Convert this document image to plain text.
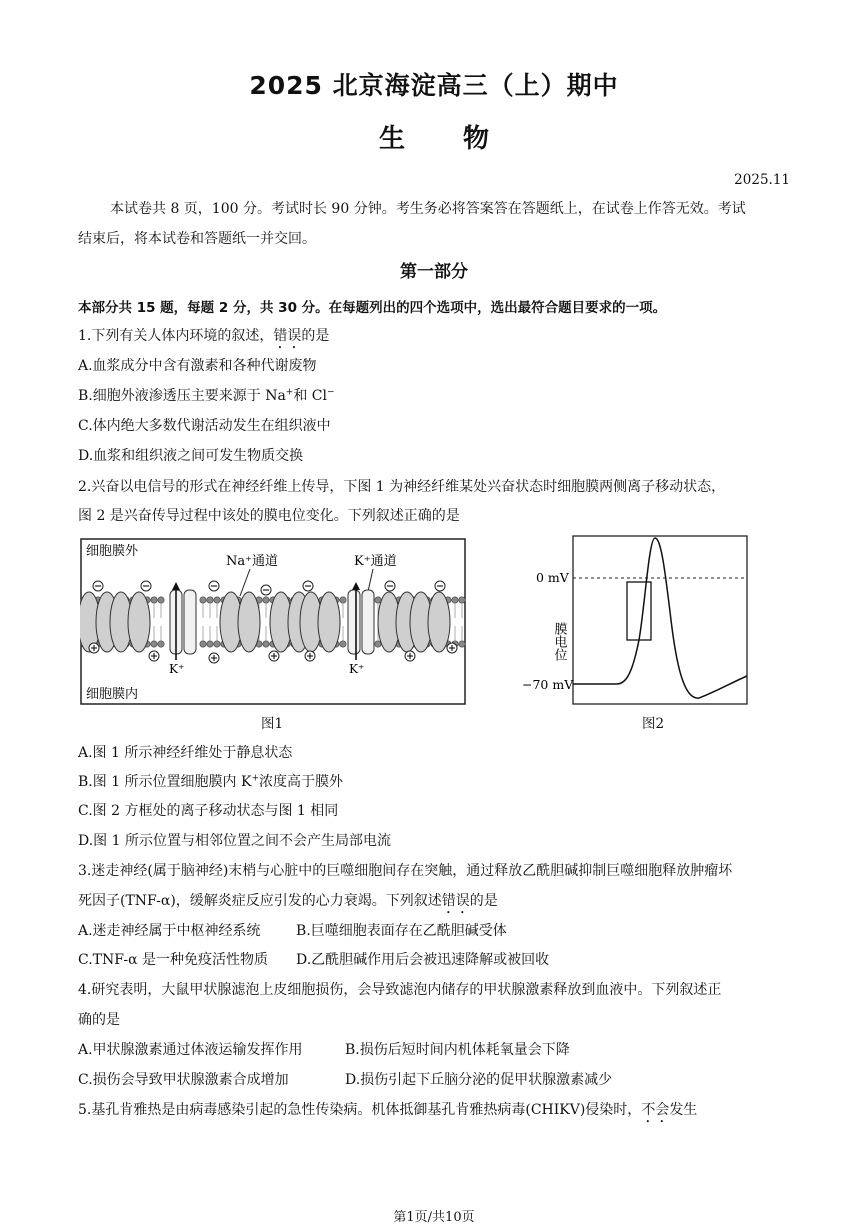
2025 北京海淀高三（上）期中
生物
2025.11
本试卷共 8 页，100 分。考试时长 90 分钟。考生务必将答案答在答题纸上，在试卷上作答无效。考试
结束后，将本试卷和答题纸一并交回。
第一部分
本部分共 15 题，每题 2 分，共 30 分。在每题列出的四个选项中，选出最符合题目要求的一项。
1.下列有关人体内环境的叙述，错误的是
A.血浆成分中含有激素和各种代谢废物
B.细胞外液渗透压主要来源于 Na+和 Cl−
C.体内绝大多数代谢活动发生在组织液中
D.血浆和组织液之间可发生物质交换
2.兴奋以电信号的形式在神经纤维上传导，下图 1 为神经纤维某处兴奋状态时细胞膜两侧离子移动状态，
图 2 是兴奋传导过程中该处的膜电位变化。下列叙述正确的是
细胞膜外
细胞膜内
Na⁺通道	K⁺通道
K⁺	K⁺
图1
0 mV
−70 mV
膜电位
图2
A.图 1 所示神经纤维处于静息状态
B.图 1 所示位置细胞膜内 K+浓度高于膜外
C.图 2 方框处的离子移动状态与图 1 相同
D.图 1 所示位置与相邻位置之间不会产生局部电流
3.迷走神经(属于脑神经)末梢与心脏中的巨噬细胞间存在突触，通过释放乙酰胆碱抑制巨噬细胞释放肿瘤坏
死因子(TNF-α)，缓解炎症反应引发的心力衰竭。下列叙述错误的是
A.迷走神经属于中枢神经系统	B.巨噬细胞表面存在乙酰胆碱受体
C.TNF-α 是一种免疫活性物质 D.乙酰胆碱作用后会被迅速降解或被回收
4.研究表明，大鼠甲状腺滤泡上皮细胞损伤，会导致滤泡内储存的甲状腺激素释放到血液中。下列叙述正
确的是
A.甲状腺激素通过体液运输发挥作用	B.损伤后短时间内机体耗氧量会下降
C.损伤会导致甲状腺激素合成增加	D.损伤引起下丘脑分泌的促甲状腺激素减少
5.基孔肯雅热是由病毒感染引起的急性传染病。机体抵御基孔肯雅热病毒(CHIKV)侵染时，不会发生
第1页/共10页
